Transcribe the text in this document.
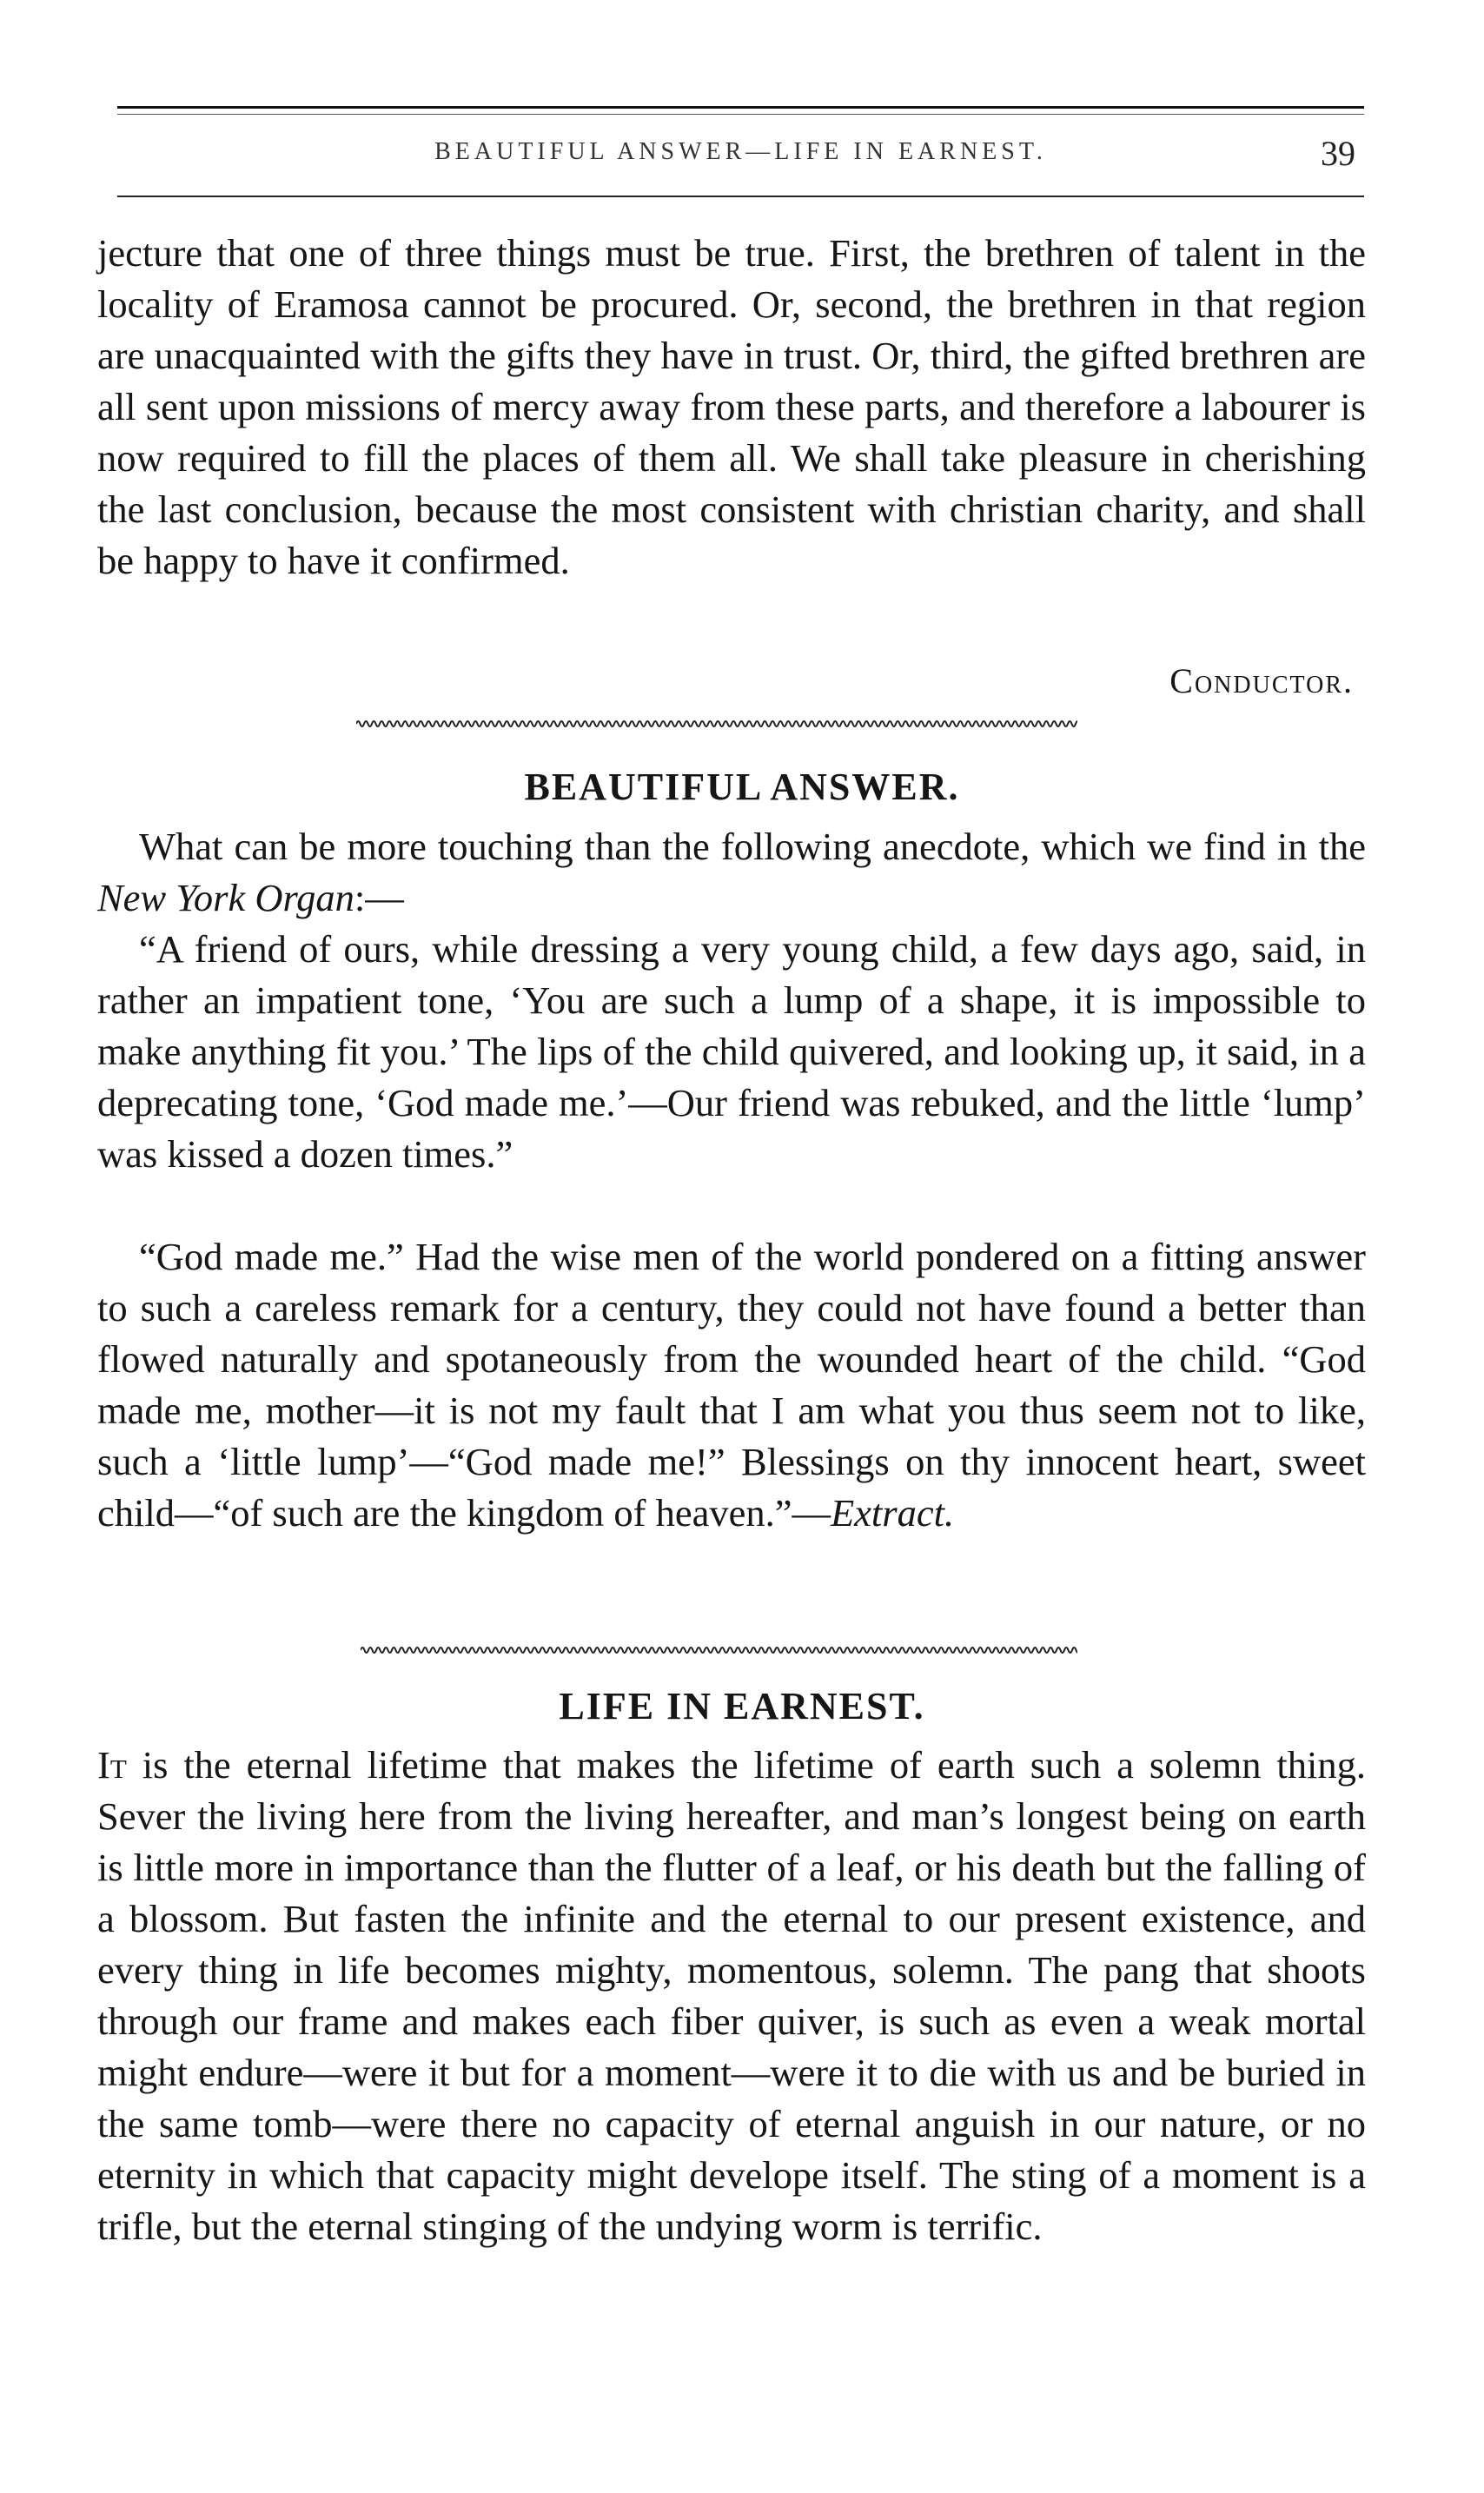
BEAUTIFUL ANSWER—LIFE IN EARNEST.	39

jecture that one of three things must be true. First, the brethren of talent in the locality of Eramosa cannot be procured. Or, second, the brethren in that region are unacquainted with the gifts they have in trust. Or, third, the gifted brethren are all sent upon missions of mercy away from these parts, and therefore a labourer is now required to fill the places of them all. We shall take pleasure in cherishing the last conclusion, because the most consistent with christian charity, and shall be happy to have it confirmed.

Conductor.
BEAUTIFUL ANSWER.

What can be more touching than the following anecdote, which we find in the New York Organ:—

“A friend of ours, while dressing a very young child, a few days ago, said, in rather an impatient tone, ‘You are such a lump of a shape, it is impossible to make anything fit you.’ The lips of the child quivered, and looking up, it said, in a deprecating tone, ‘God made me.’—Our friend was rebuked, and the little ‘lump’ was kissed a dozen times.”

“God made me.” Had the wise men of the world pondered on a fitting answer to such a careless remark for a century, they could not have found a better than flowed naturally and spotaneously from the wounded heart of the child. “God made me, mother—it is not my fault that I am what you thus seem not to like, such a ‘little lump’—“God made me!” Blessings on thy innocent heart, sweet child—“of such are the kingdom of heaven.”—Extract.

LIFE IN EARNEST.

It is the eternal lifetime that makes the lifetime of earth such a solemn thing. Sever the living here from the living hereafter, and man’s longest being on earth is little more in importance than the flutter of a leaf, or his death but the falling of a blossom. But fasten the infinite and the eternal to our present existence, and every thing in life becomes mighty, momentous, solemn. The pang that shoots through our frame and makes each fiber quiver, is such as even a weak mortal might endure—were it but for a moment—were it to die with us and be buried in the same tomb—were there no capacity of eternal anguish in our nature, or no eternity in which that capacity might develope itself. The sting of a moment is a trifle, but the eternal stinging of the undying worm is terrific.
